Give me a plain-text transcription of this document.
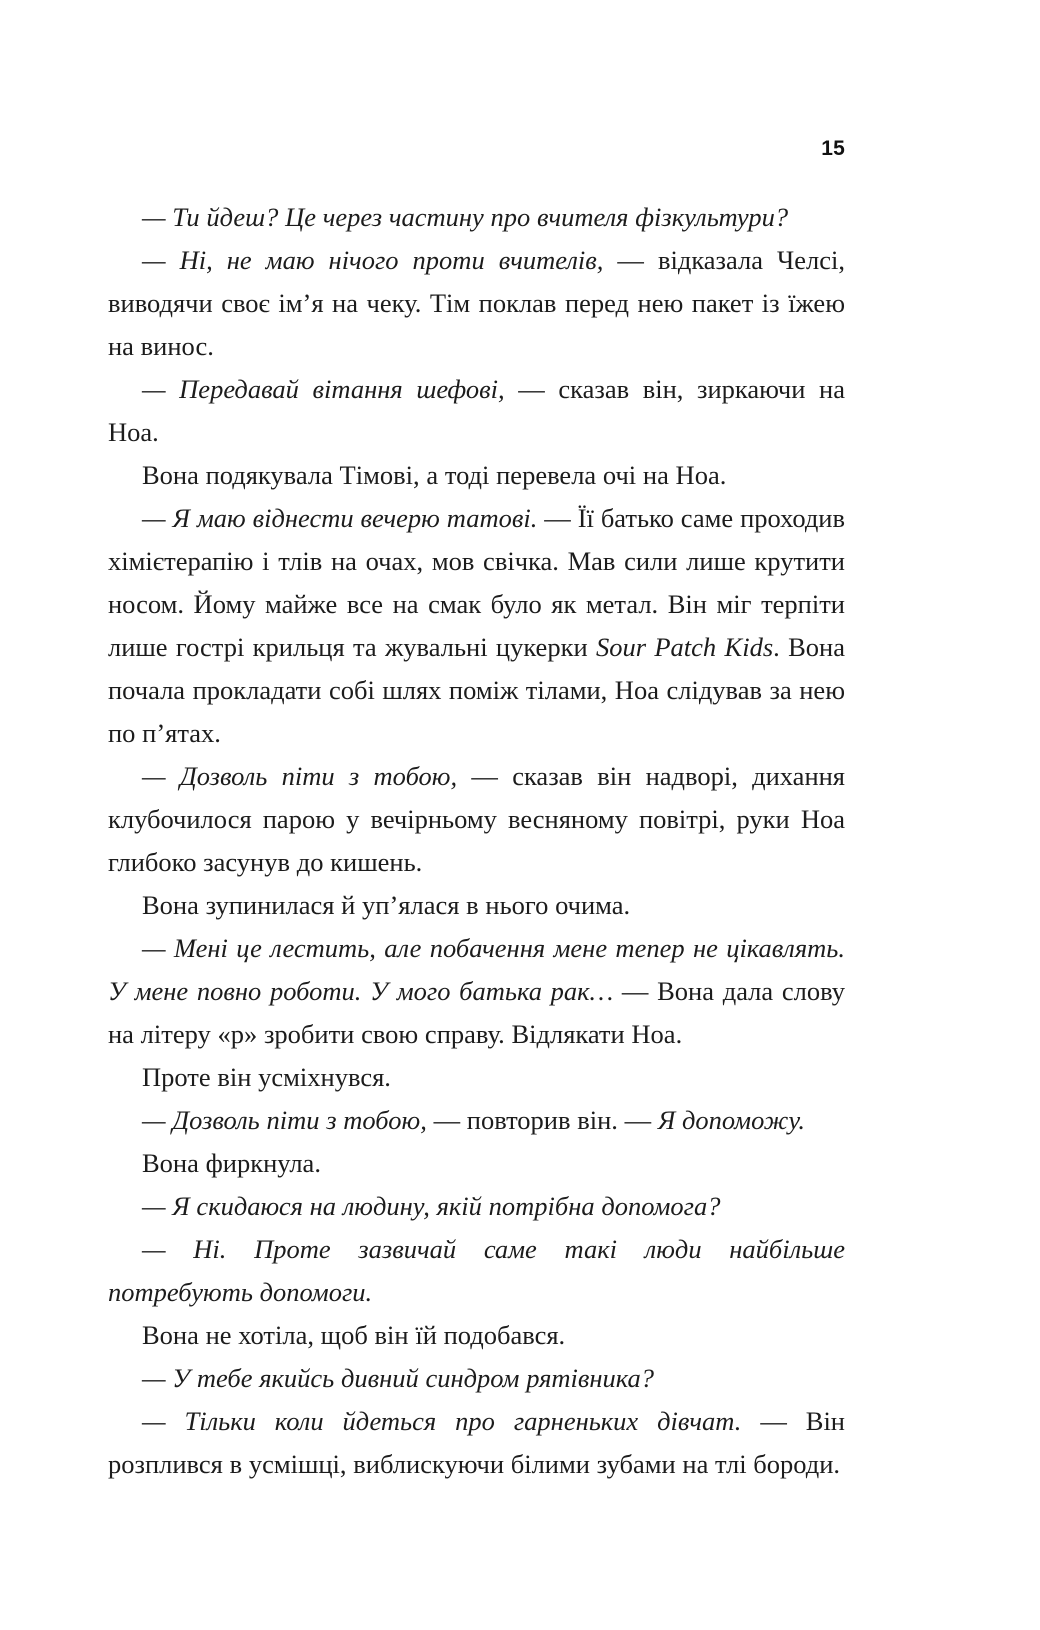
15

— Ти йдеш? Це через частину про вчителя фізкультури?

— Ні, не маю нічого проти вчителів, — відказала Челсі, виводячи своє ім’я на чеку. Тім поклав перед нею пакет із їжею на винос.

— Передавай вітання шефові, — сказав він, зиркаючи на Ноа.

Вона подякувала Тімові, а тоді перевела очі на Ноа.

— Я маю віднести вечерю татові. — Її батько саме проходив хімієтерапію і тлів на очах, мов свічка. Мав сили лише крутити носом. Йому майже все на смак було як метал. Він міг терпіти лише гострі крильця та жувальні цукерки Sour Patch Kids. Вона почала прокладати собі шлях поміж тілами, Ноа слідував за нею по п’ятах.

— Дозволь піти з тобою, — сказав він надворі, дихання клубочилося парою у вечірньому весняному повітрі, руки Ноа глибоко засунув до кишень.

Вона зупинилася й уп’ялася в нього очима.

— Мені це лестить, але побачення мене тепер не цікавлять. У мене повно роботи. У мого батька рак… — Вона дала слову на літеру «р» зробити свою справу. Відлякати Ноа.

Проте він усміхнувся.

— Дозволь піти з тобою, — повторив він. — Я допоможу.

Вона фиркнула.

— Я скидаюся на людину, якій потрібна допомога?

— Ні. Проте зазвичай саме такі люди найбільше потребують допомоги.

Вона не хотіла, щоб він їй подобався.

— У тебе якийсь дивний синдром рятівника?

— Тільки коли йдеться про гарненьких дівчат. — Він розплився в усмішці, виблискуючи білими зубами на тлі бороди.
